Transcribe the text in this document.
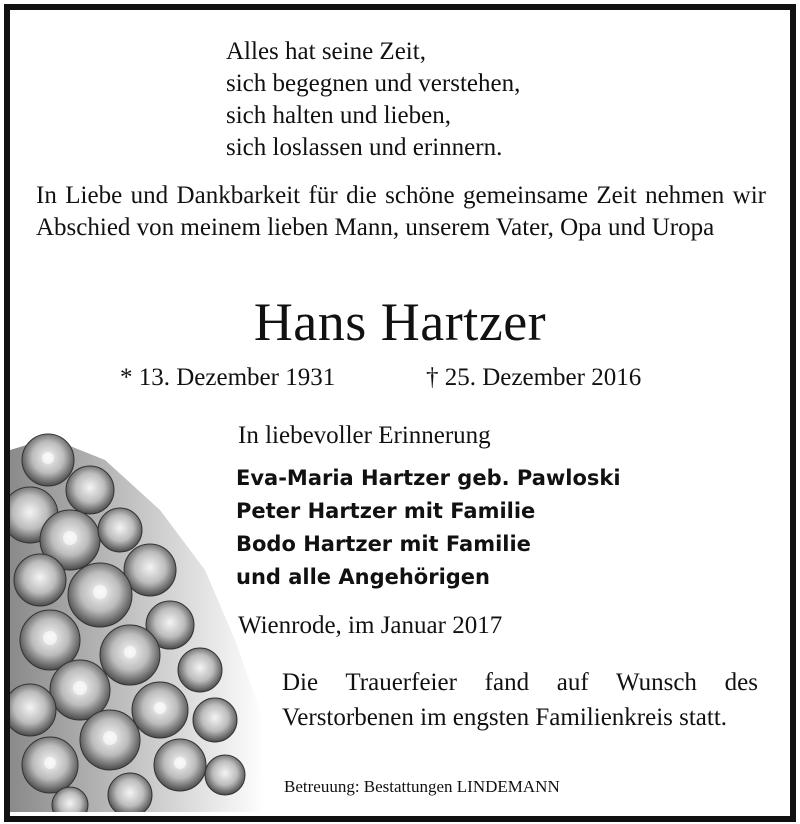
Alles hat seine Zeit,
sich begegnen und verstehen,
sich halten und lieben,
sich loslassen und erinnern.
In Liebe und Dankbarkeit für die schöne gemeinsame Zeit nehmen wir Abschied von meinem lieben Mann, unserem Vater, Opa und Uropa
Hans Hartzer
* 13. Dezember 1931	† 25. Dezember 2016
In liebevoller Erinnerung
Eva-Maria Hartzer geb. Pawloski
Peter Hartzer mit Familie
Bodo Hartzer mit Familie
und alle Angehörigen
Wienrode, im Januar 2017
Die Trauerfeier fand auf Wunsch des Verstorbenen im engsten Familienkreis statt.
Betreuung: Bestattungen LINDEMANN
